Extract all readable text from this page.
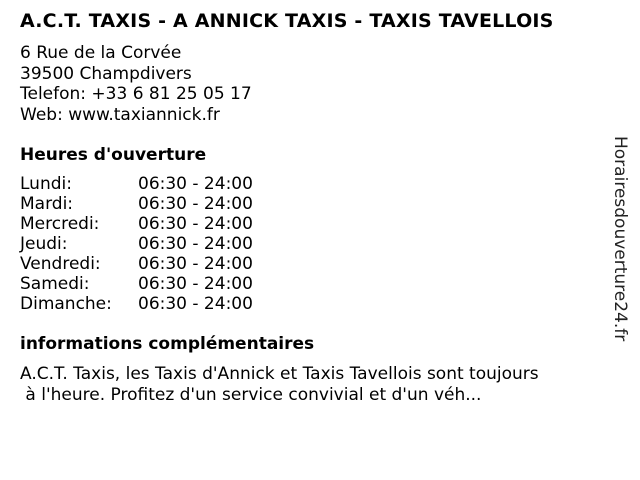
A.C.T. TAXIS - A ANNICK TAXIS - TAXIS TAVELLOIS
6 Rue de la Corvée
39500 Champdivers
Telefon: +33 6 81 25 05 17
Web: www.taxiannick.fr
Heures d'ouverture
Lundi:	06:30 - 24:00
Mardi:	06:30 - 24:00
Mercredi:	06:30 - 24:00
Jeudi:	06:30 - 24:00
Vendredi:	06:30 - 24:00
Samedi:	06:30 - 24:00
Dimanche:	06:30 - 24:00
informations complémentaires
A.C.T. Taxis, les Taxis d'Annick et Taxis Tavellois sont toujours
à l'heure. Profitez d'un service convivial et d'un véh...
Horairesdouverture24.fr
